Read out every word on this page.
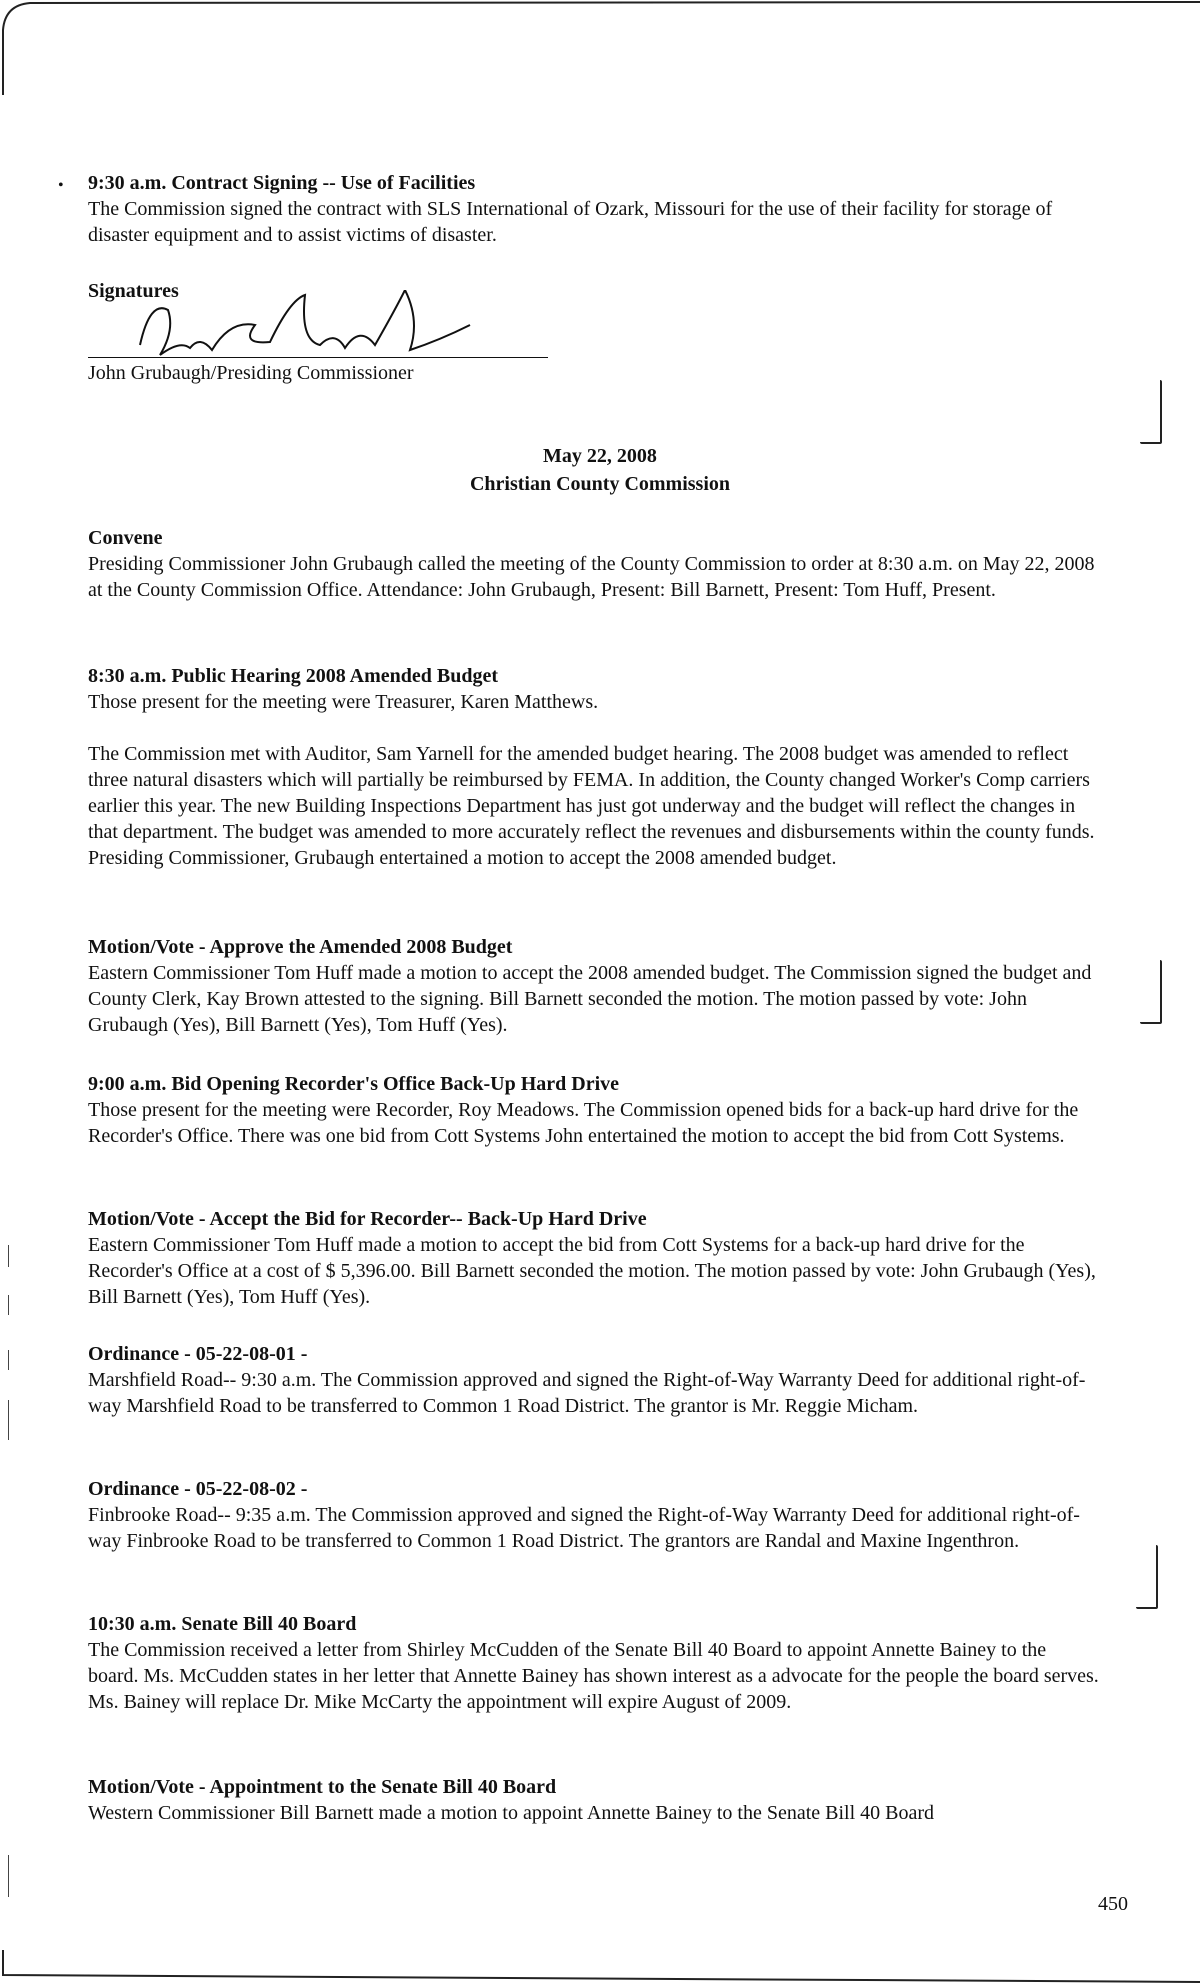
• 9:30 a.m. Contract Signing -- Use of Facilities

The Commission signed the contract with SLS International of Ozark, Missouri for the use of their facility for storage of disaster equipment and to assist victims of disaster.

Signatures
John Grubaugh/Presiding Commissioner
May 22, 2008
Christian County Commission
Convene

Presiding Commissioner John Grubaugh called the meeting of the County Commission to order at 8:30 a.m. on May 22, 2008 at the County Commission Office. Attendance: John Grubaugh, Present: Bill Barnett, Present: Tom Huff, Present.

8:30 a.m. Public Hearing 2008 Amended Budget

Those present for the meeting were Treasurer, Karen Matthews.

The Commission met with Auditor, Sam Yarnell for the amended budget hearing. The 2008 budget was amended to reflect three natural disasters which will partially be reimbursed by FEMA. In addition, the County changed Worker's Comp carriers earlier this year. The new Building Inspections Department has just got underway and the budget will reflect the changes in that department. The budget was amended to more accurately reflect the revenues and disbursements within the county funds. Presiding Commissioner, Grubaugh entertained a motion to accept the 2008 amended budget.

Motion/Vote - Approve the Amended 2008 Budget

Eastern Commissioner Tom Huff made a motion to accept the 2008 amended budget. The Commission signed the budget and County Clerk, Kay Brown attested to the signing. Bill Barnett seconded the motion. The motion passed by vote: John Grubaugh (Yes), Bill Barnett (Yes), Tom Huff (Yes).

9:00 a.m. Bid Opening Recorder's Office Back-Up Hard Drive

Those present for the meeting were Recorder, Roy Meadows. The Commission opened bids for a back-up hard drive for the Recorder's Office. There was one bid from Cott Systems John entertained the motion to accept the bid from Cott Systems.

Motion/Vote - Accept the Bid for Recorder-- Back-Up Hard Drive

Eastern Commissioner Tom Huff made a motion to accept the bid from Cott Systems for a back-up hard drive for the Recorder's Office at a cost of $ 5,396.00. Bill Barnett seconded the motion. The motion passed by vote: John Grubaugh (Yes), Bill Barnett (Yes), Tom Huff (Yes).

Ordinance - 05-22-08-01 -

Marshfield Road-- 9:30 a.m. The Commission approved and signed the Right-of-Way Warranty Deed for additional right-of-way Marshfield Road to be transferred to Common 1 Road District. The grantor is Mr. Reggie Micham.

Ordinance - 05-22-08-02 -

Finbrooke Road-- 9:35 a.m. The Commission approved and signed the Right-of-Way Warranty Deed for additional right-of-way Finbrooke Road to be transferred to Common 1 Road District. The grantors are Randal and Maxine Ingenthron.

10:30 a.m. Senate Bill 40 Board

The Commission received a letter from Shirley McCudden of the Senate Bill 40 Board to appoint Annette Bainey to the board. Ms. McCudden states in her letter that Annette Bainey has shown interest as a advocate for the people the board serves. Ms. Bainey will replace Dr. Mike McCarty the appointment will expire August of 2009.

Motion/Vote - Appointment to the Senate Bill 40 Board

Western Commissioner Bill Barnett made a motion to appoint Annette Bainey to the Senate Bill 40 Board

450
